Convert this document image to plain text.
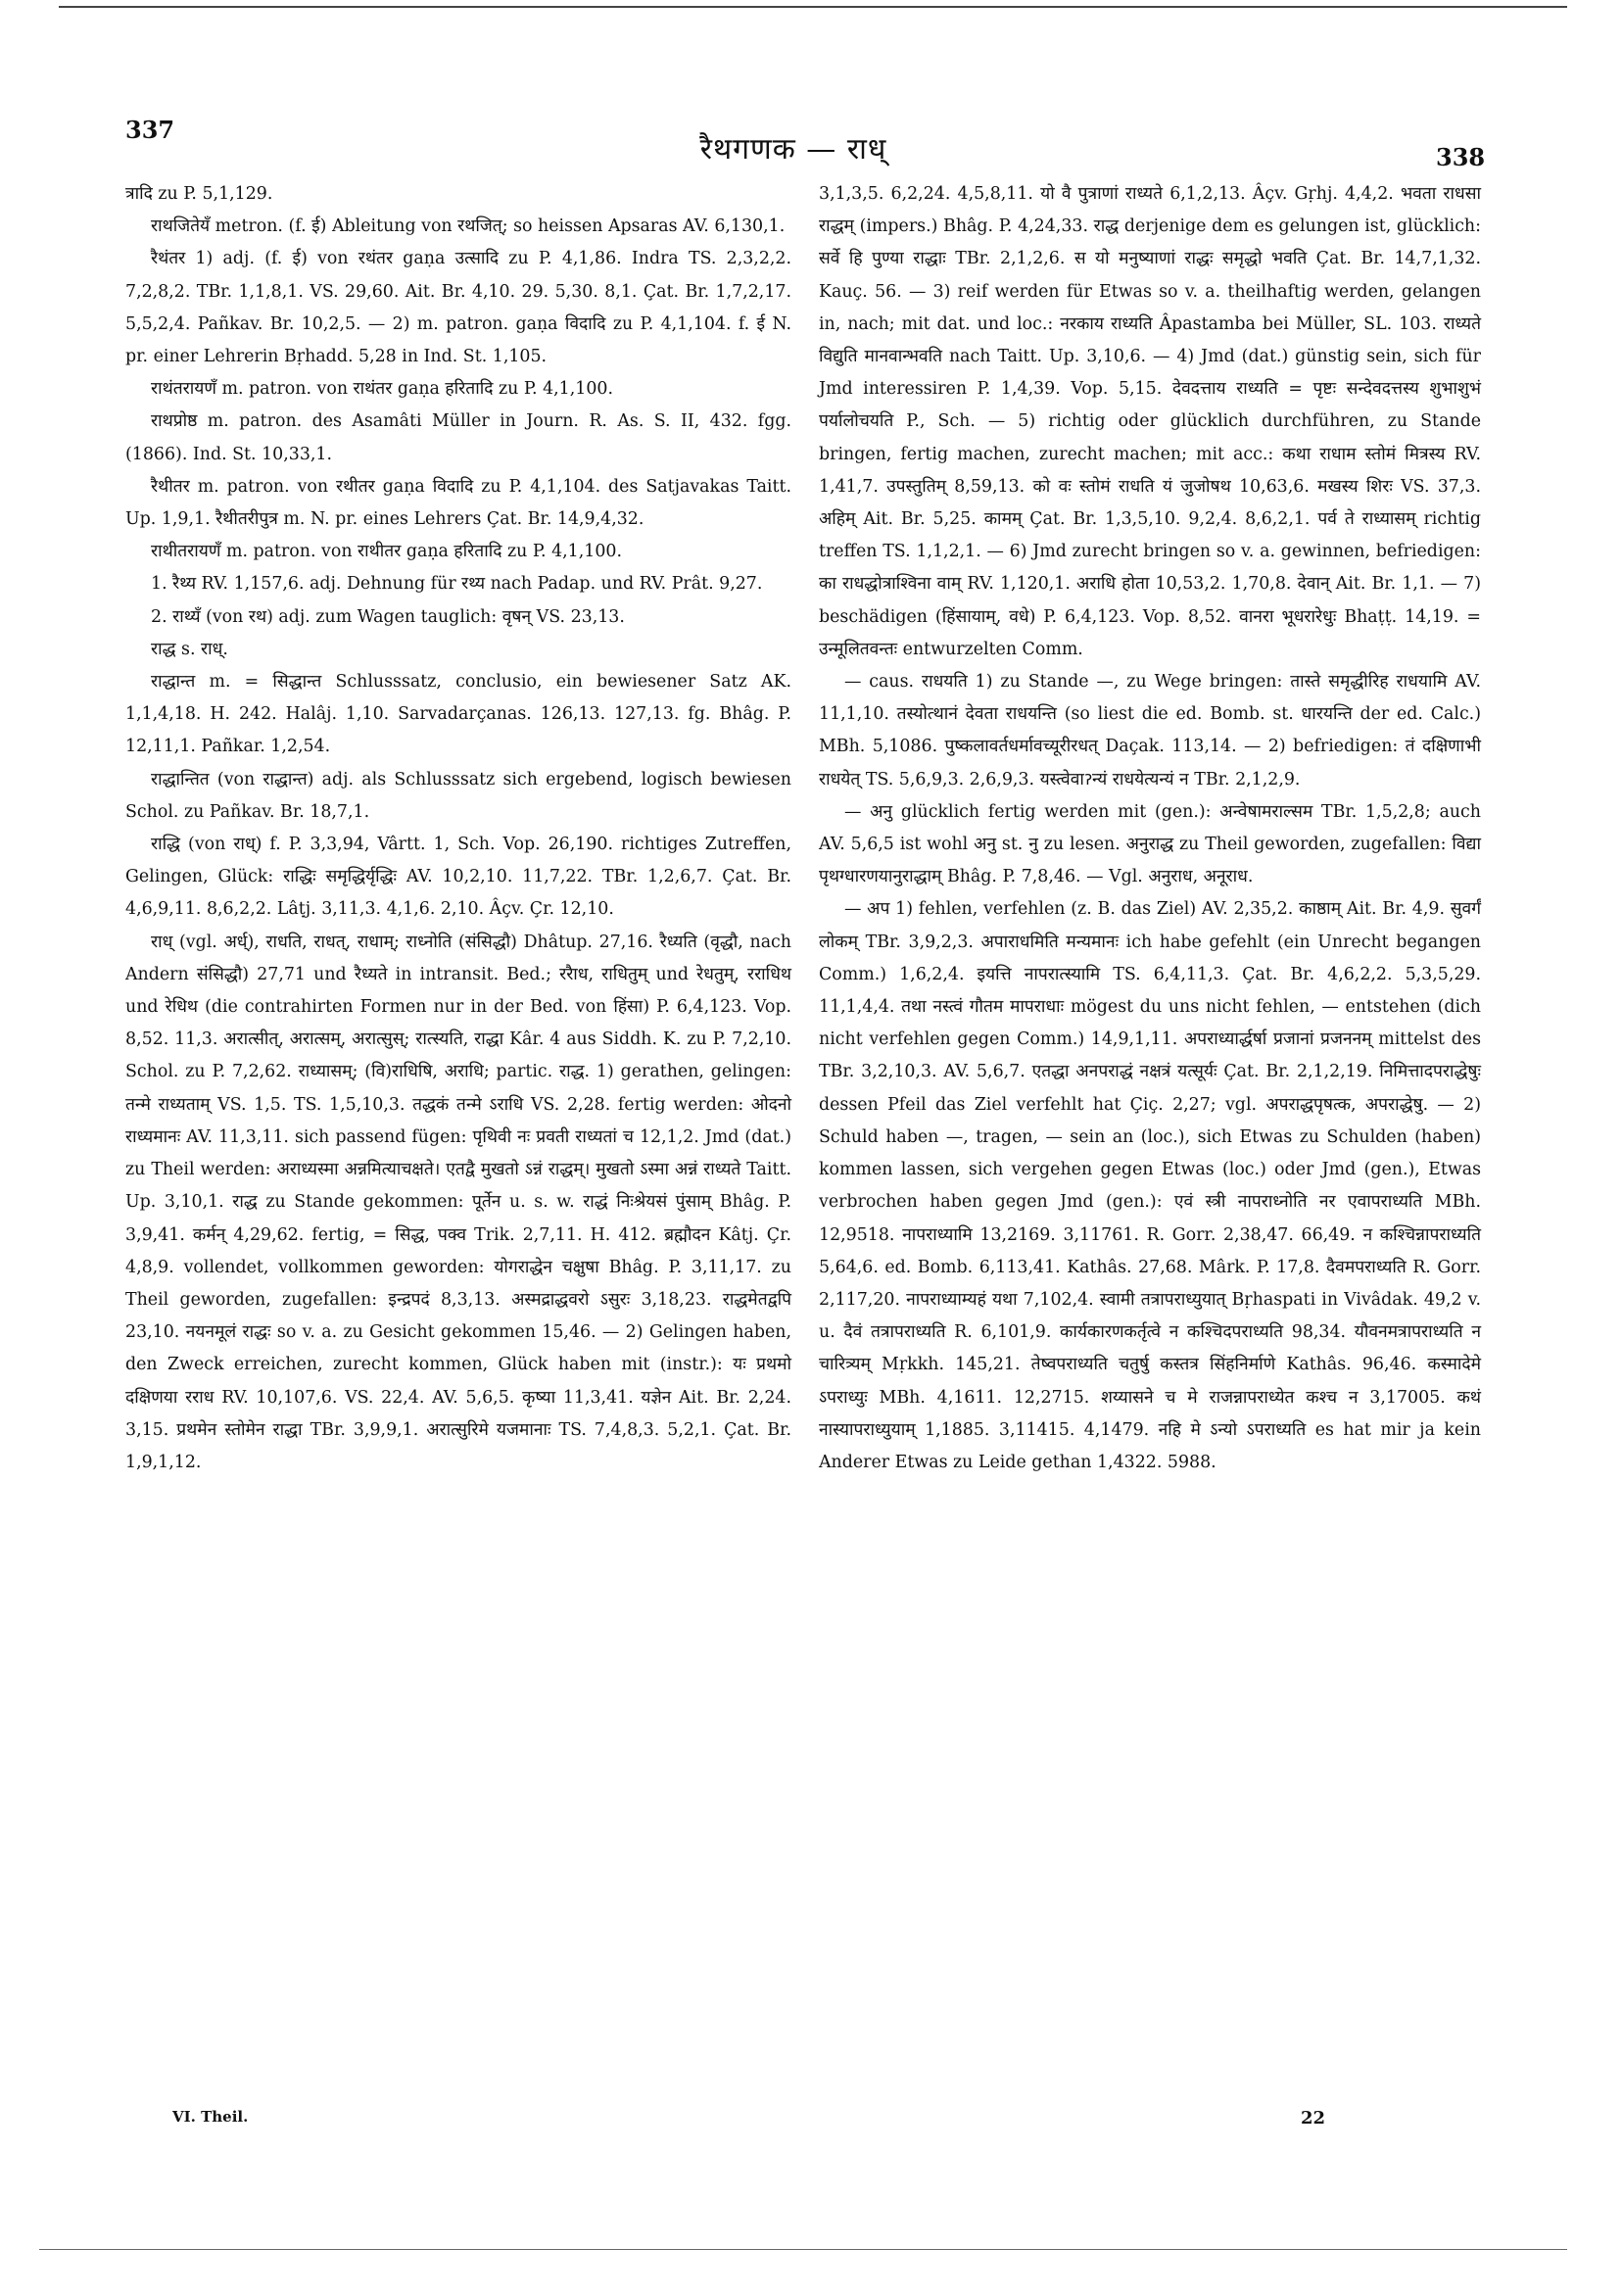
337
रैथगणक — राध्	338

त्रादि zu P. 5,1,129.

राथजितेयँ metron. (f. ई) Ableitung von रथजित्; so heissen Apsaras AV. 6,130,1.

रैथंतर 1) adj. (f. ई) von रथंतर gaṇa उत्सादि zu P. 4,1,86. Indra TS. 2,3,2,2. 7,2,8,2. TBr. 1,1,8,1. VS. 29,60. Ait. Br. 4,10. 29. 5,30. 8,1. Çat. Br. 1,7,2,17. 5,5,2,4. Pañkav. Br. 10,2,5. — 2) m. patron. gaṇa विदादि zu P. 4,1,104. f. ई N. pr. einer Lehrerin Bṛhadd. 5,28 in Ind. St. 1,105.

राथंतरायणँ m. patron. von राथंतर gaṇa हरितादि zu P. 4,1,100.

राथप्रोष्ठ m. patron. des Asamâti Müller in Journ. R. As. S. II, 432. fgg. (1866). Ind. St. 10,33,1.

रैथीतर m. patron. von रथीतर gaṇa विदादि zu P. 4,1,104. des Satjavakas Taitt. Up. 1,9,1. रैथीतरीपुत्र m. N. pr. eines Lehrers Çat. Br. 14,9,4,32.

राथीतरायणँ m. patron. von राथीतर gaṇa हरितादि zu P. 4,1,100.

1. रैथ्य RV. 1,157,6. adj. Dehnung für रथ्य nach Padap. und RV. Prât. 9,27.

2. राथ्यँ (von रथ) adj. zum Wagen tauglich: वृषन् VS. 23,13.

राद्ध s. राध्.

राद्धान्त m. = सिद्धान्त Schlusssatz, conclusio, ein bewiesener Satz AK. 1,1,4,18. H. 242. Halâj. 1,10. Sarvadarçanas. 126,13. 127,13. fg. Bhâg. P. 12,11,1. Pañkar. 1,2,54.

राद्धान्तित (von राद्धान्त) adj. als Schlusssatz sich ergebend, logisch bewiesen Schol. zu Pañkav. Br. 18,7,1.

राद्धि (von राध्) f. P. 3,3,94, Vârtt. 1, Sch. Vop. 26,190. richtiges Zutreffen, Gelingen, Glück: राद्धिः समृद्धिर्यृद्धिः AV. 10,2,10. 11,7,22. TBr. 1,2,6,7. Çat. Br. 4,6,9,11. 8,6,2,2. Lâṭj. 3,11,3. 4,1,6. 2,10. Âçv. Çr. 12,10.

राध् (vgl. अर्ध्), राधति, राधत्, राधाम्; राध्नोति (संसिद्धौ) Dhâtup. 27,16. रैध्यति (वृद्धौ, nach Andern संसिद्धौ) 27,71 und रैध्यते in intransit. Bed.; ररैाध, राधितुम् und रेधतुम्, रराधिथ und रेधिथ (die contrahirten Formen nur in der Bed. von हिंसा) P. 6,4,123. Vop. 8,52. 11,3. अरात्सीत्, अरात्सम्, अरात्सुस्; रात्स्यति, राद्धा Kâr. 4 aus Siddh. K. zu P. 7,2,10. Schol. zu P. 7,2,62. राध्यासम्; (वि)राधिषि, अराधि; partic. राद्ध. 1) gerathen, gelingen: तन्मे राध्यताम् VS. 1,5. TS. 1,5,10,3. तद्धकं तन्मे ऽराधि VS. 2,28. fertig werden: ओदनो राध्यमानः AV. 11,3,11. sich passend fügen: पृथिवी नः प्रवती राध्यतां च 12,1,2. Jmd (dat.) zu Theil werden: अराध्यस्मा अन्नमित्याचक्षते। एतद्वै मुखतो ऽन्नं राद्धम्। मुखतो ऽस्मा अन्नं राध्यते Taitt. Up. 3,10,1. राद्ध zu Stande gekommen: पूर्तेन u. s. w. राद्धं निःश्रेयसं पुंसाम् Bhâg. P. 3,9,41. कर्मन् 4,29,62. fertig, = सिद्ध, पक्व Trik. 2,7,11. H. 412. ब्रह्मौदन Kâtj. Çr. 4,8,9. vollendet, vollkommen geworden: योगराद्धेन चक्षुषा Bhâg. P. 3,11,17. zu Theil geworden, zugefallen: इन्द्रपदं 8,3,13. अस्मद्राद्धवरो ऽसुरः 3,18,23. राद्धमेतद्वपि 23,10. नयनमूलं राद्धः so v. a. zu Gesicht gekommen 15,46. — 2) Gelingen haben, den Zweck erreichen, zurecht kommen, Glück haben mit (instr.): यः प्रथमो दक्षिणया रराध RV. 10,107,6. VS. 22,4. AV. 5,6,5. कृष्या 11,3,41. यज्ञेन Ait. Br. 2,24. 3,15. प्रथमेन स्तोमेन राद्धा TBr. 3,9,9,1. अरात्सुरिमे यजमानाः TS. 7,4,8,3. 5,2,1. Çat. Br. 1,9,1,12.

3,1,3,5. 6,2,24. 4,5,8,11. यो वै पुत्राणां राध्यते 6,1,2,13. Âçv. Gṛhj. 4,4,2. भवता राधसा राद्धम् (impers.) Bhâg. P. 4,24,33. राद्ध derjenige dem es gelungen ist, glücklich: सर्वे हि पुण्या राद्धाः TBr. 2,1,2,6. स यो मनुष्याणां राद्धः समृद्धो भवति Çat. Br. 14,7,1,32. Kauç. 56. — 3) reif werden für Etwas so v. a. theilhaftig werden, gelangen in, nach; mit dat. und loc.: नरकाय राध्यति Âpastamba bei Müller, SL. 103. राध्यते विद्युति मानवान्भवति nach Taitt. Up. 3,10,6. — 4) Jmd (dat.) günstig sein, sich für Jmd interessiren P. 1,4,39. Vop. 5,15. देवदत्ताय राध्यति = पृष्टः सन्देवदत्तस्य शुभाशुभं पर्यालोचयति P., Sch. — 5) richtig oder glücklich durchführen, zu Stande bringen, fertig machen, zurecht machen; mit acc.: कथा राधाम स्तोमं मित्रस्य RV. 1,41,7. उपस्तुतिम् 8,59,13. को वः स्तोमं राधति यं जुजोषथ 10,63,6. मखस्य शिरः VS. 37,3. अहिम् Ait. Br. 5,25. कामम् Çat. Br. 1,3,5,10. 9,2,4. 8,6,2,1. पर्व ते राध्यासम् richtig treffen TS. 1,1,2,1. — 6) Jmd zurecht bringen so v. a. gewinnen, befriedigen: का राधद्धोत्राश्विना वाम् RV. 1,120,1. अराधि होता 10,53,2. 1,70,8. देवान् Ait. Br. 1,1. — 7) beschädigen (हिंसायाम्, वधे) P. 6,4,123. Vop. 8,52. वानरा भूधरारेधुः Bhaṭṭ. 14,19. = उन्मूलितवन्तः entwurzelten Comm.

— caus. राधयति 1) zu Stande —, zu Wege bringen: तास्ते समृद्धीरिह राधयामि AV. 11,1,10. तस्योत्थानं देवता राधयन्ति (so liest die ed. Bomb. st. धारयन्ति der ed. Calc.) MBh. 5,1086. पुष्कलावर्तधर्मावच्यूरीरधत् Daçak. 113,14. — 2) befriedigen: तं दक्षिणाभी राधयेत् TS. 5,6,9,3. 2,6,9,3. यस्त्वेवाॽन्यं राधयेत्यन्यं न TBr. 2,1,2,9.

— अनु glücklich fertig werden mit (gen.): अन्वेषामराल्सम TBr. 1,5,2,8; auch AV. 5,6,5 ist wohl अनु st. नु zu lesen. अनुराद्ध zu Theil geworden, zugefallen: विद्या पृथग्धारणयानुराद्धाम् Bhâg. P. 7,8,46. — Vgl. अनुराध, अनूराध.

— अप 1) fehlen, verfehlen (z. B. das Ziel) AV. 2,35,2. काष्ठाम् Ait. Br. 4,9. सुवर्गं लोकम् TBr. 3,9,2,3. अपाराधमिति मन्यमानः ich habe gefehlt (ein Unrecht begangen Comm.) 1,6,2,4. इयत्ति नापरात्स्यामि TS. 6,4,11,3. Çat. Br. 4,6,2,2. 5,3,5,29. 11,1,4,4. तथा नस्त्वं गौतम मापराधाः mögest du uns nicht fehlen, — entstehen (dich nicht verfehlen gegen Comm.) 14,9,1,11. अपराध्यार्द्धर्षा प्रजानां प्रजननम् mittelst des TBr. 3,2,10,3. AV. 5,6,7. एतद्धा अनपराद्धं नक्षत्रं यत्सूर्यः Çat. Br. 2,1,2,19. निमित्तादपराद्धेषुः dessen Pfeil das Ziel verfehlt hat Çiç. 2,27; vgl. अपराद्धपृषत्क, अपराद्धेषु. — 2) Schuld haben —, tragen, — sein an (loc.), sich Etwas zu Schulden (haben) kommen lassen, sich vergehen gegen Etwas (loc.) oder Jmd (gen.), Etwas verbrochen haben gegen Jmd (gen.): एवं स्त्री नापराध्नोति नर एवापराध्यति MBh. 12,9518. नापराध्यामि 13,2169. 3,11761. R. Gorr. 2,38,47. 66,49. न कश्चिन्नापराध्यति 5,64,6. ed. Bomb. 6,113,41. Kathâs. 27,68. Mârk. P. 17,8. दैवमपराध्यति R. Gorr. 2,117,20. नापराध्याम्यहं यथा 7,102,4. स्वामी तत्रापराध्युयात् Bṛhaspati in Vivâdak. 49,2 v. u. दैवं तत्रापराध्यति R. 6,101,9. कार्यकारणकर्तृत्वे न कश्चिदपराध्यति 98,34. यौवनमत्रापराध्यति न चारित्र्यम् Mṛkkh. 145,21. तेष्वपराध्यति चतुर्षु कस्तत्र सिंहनिर्माणे Kathâs. 96,46. कस्मादेमे ऽपराध्युः MBh. 4,1611. 12,2715. शय्यासने च मे राजन्नापराध्येत कश्च न 3,17005. कथं नास्यापराध्युयाम् 1,1885. 3,11415. 4,1479. नहि मे ऽन्यो ऽपराध्यति es hat mir ja kein Anderer Etwas zu Leide gethan 1,4322. 5988.

VI. Theil.	22
